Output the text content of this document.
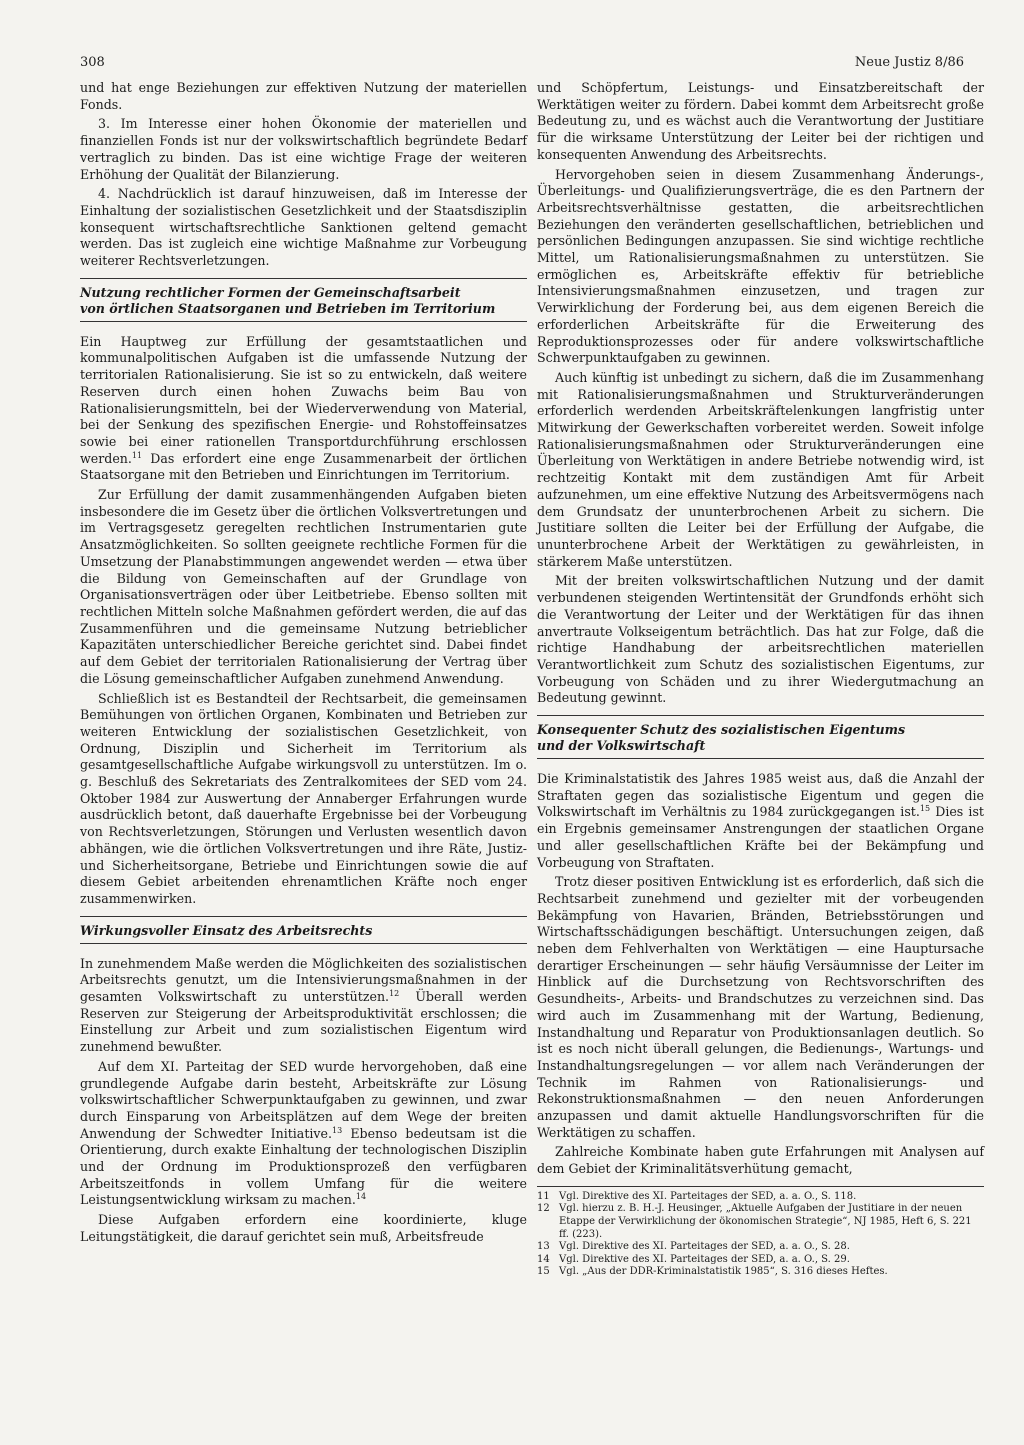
308	Neue Justiz 8/86

und hat enge Beziehungen zur effektiven Nutzung der materiellen Fonds.

3. Im Interesse einer hohen Ökonomie der materiellen und finanziellen Fonds ist nur der volkswirtschaftlich begründete Bedarf vertraglich zu binden. Das ist eine wichtige Frage der weiteren Erhöhung der Qualität der Bilanzierung.

4. Nachdrücklich ist darauf hinzuweisen, daß im Interesse der Einhaltung der sozialistischen Gesetzlichkeit und der Staatsdisziplin konsequent wirtschaftsrechtliche Sanktionen geltend gemacht werden. Das ist zugleich eine wichtige Maßnahme zur Vorbeugung weiterer Rechtsverletzungen.

Nutzung rechtlicher Formen der Gemeinschaftsarbeit
von örtlichen Staatsorganen und Betrieben im Territorium

Ein Hauptweg zur Erfüllung der gesamtstaatlichen und kommunalpolitischen Aufgaben ist die umfassende Nutzung der territorialen Rationalisierung. Sie ist so zu entwickeln, daß weitere Reserven durch einen hohen Zuwachs beim Bau von Rationalisierungsmitteln, bei der Wiederverwendung von Material, bei der Senkung des spezifischen Energie- und Rohstoffeinsatzes sowie bei einer rationellen Transportdurchführung erschlossen werden.$^{11}$ Das erfordert eine enge Zusammenarbeit der örtlichen Staatsorgane mit den Betrieben und Einrichtungen im Territorium.

Zur Erfüllung der damit zusammenhängenden Aufgaben bieten insbesondere die im Gesetz über die örtlichen Volksvertretungen und im Vertragsgesetz geregelten rechtlichen Instrumentarien gute Ansatzmöglichkeiten. So sollten geeignete rechtliche Formen für die Umsetzung der Planabstimmungen angewendet werden — etwa über die Bildung von Gemeinschaften auf der Grundlage von Organisationsverträgen oder über Leitbetriebe. Ebenso sollten mit rechtlichen Mitteln solche Maßnahmen gefördert werden, die auf das Zusammenführen und die gemeinsame Nutzung betrieblicher Kapazitäten unterschiedlicher Bereiche gerichtet sind. Dabei findet auf dem Gebiet der territorialen Rationalisierung der Vertrag über die Lösung gemeinschaftlicher Aufgaben zunehmend Anwendung.

Schließlich ist es Bestandteil der Rechtsarbeit, die gemeinsamen Bemühungen von örtlichen Organen, Kombinaten und Betrieben zur weiteren Entwicklung der sozialistischen Gesetzlichkeit, von Ordnung, Disziplin und Sicherheit im Territorium als gesamtgesellschaftliche Aufgabe wirkungsvoll zu unterstützen. Im o. g. Beschluß des Sekretariats des Zentralkomitees der SED vom 24. Oktober 1984 zur Auswertung der Annaberger Erfahrungen wurde ausdrücklich betont, daß dauerhafte Ergebnisse bei der Vorbeugung von Rechtsverletzungen, Störungen und Verlusten wesentlich davon abhängen, wie die örtlichen Volksvertretungen und ihre Räte, Justiz- und Sicherheitsorgane, Betriebe und Einrichtungen sowie die auf diesem Gebiet arbeitenden ehrenamtlichen Kräfte noch enger zusammenwirken.

Wirkungsvoller Einsatz des Arbeitsrechts

In zunehmendem Maße werden die Möglichkeiten des sozialistischen Arbeitsrechts genutzt, um die Intensivierungsmaßnahmen in der gesamten Volkswirtschaft zu unterstützen.$^{12}$ Überall werden Reserven zur Steigerung der Arbeitsproduktivität erschlossen; die Einstellung zur Arbeit und zum sozialistischen Eigentum wird zunehmend bewußter.

Auf dem XI. Parteitag der SED wurde hervorgehoben, daß eine grundlegende Aufgabe darin besteht, Arbeitskräfte zur Lösung volkswirtschaftlicher Schwerpunktaufgaben zu gewinnen, und zwar durch Einsparung von Arbeitsplätzen auf dem Wege der breiten Anwendung der Schwedter Initiative.$^{13}$ Ebenso bedeutsam ist die Orientierung, durch exakte Einhaltung der technologischen Disziplin und der Ordnung im Produktionsprozeß den verfügbaren Arbeitszeitfonds in vollem Umfang für die weitere Leistungsentwicklung wirksam zu machen.$^{14}$

Diese Aufgaben erfordern eine koordinierte, kluge Leitungstätigkeit, die darauf gerichtet sein muß, Arbeitsfreude

und Schöpfertum, Leistungs- und Einsatzbereitschaft der Werktätigen weiter zu fördern. Dabei kommt dem Arbeitsrecht große Bedeutung zu, und es wächst auch die Verantwortung der Justitiare für die wirksame Unterstützung der Leiter bei der richtigen und konsequenten Anwendung des Arbeitsrechts.

Hervorgehoben seien in diesem Zusammenhang Änderungs-, Überleitungs- und Qualifizierungsverträge, die es den Partnern der Arbeitsrechtsverhältnisse gestatten, die arbeitsrechtlichen Beziehungen den veränderten gesellschaftlichen, betrieblichen und persönlichen Bedingungen anzupassen. Sie sind wichtige rechtliche Mittel, um Rationalisierungsmaßnahmen zu unterstützen. Sie ermöglichen es, Arbeitskräfte effektiv für betriebliche Intensivierungsmaßnahmen einzusetzen, und tragen zur Verwirklichung der Forderung bei, aus dem eigenen Bereich die erforderlichen Arbeitskräfte für die Erweiterung des Reproduktionsprozesses oder für andere volkswirtschaftliche Schwerpunktaufgaben zu gewinnen.

Auch künftig ist unbedingt zu sichern, daß die im Zusammenhang mit Rationalisierungsmaßnahmen und Strukturveränderungen erforderlich werdenden Arbeitskräftelenkungen langfristig unter Mitwirkung der Gewerkschaften vorbereitet werden. Soweit infolge Rationalisierungsmaßnahmen oder Strukturveränderungen eine Überleitung von Werktätigen in andere Betriebe notwendig wird, ist rechtzeitig Kontakt mit dem zuständigen Amt für Arbeit aufzunehmen, um eine effektive Nutzung des Arbeitsvermögens nach dem Grundsatz der ununterbrochenen Arbeit zu sichern. Die Justitiare sollten die Leiter bei der Erfüllung der Aufgabe, die ununterbrochene Arbeit der Werktätigen zu gewährleisten, in stärkerem Maße unterstützen.

Mit der breiten volkswirtschaftlichen Nutzung und der damit verbundenen steigenden Wertintensität der Grundfonds erhöht sich die Verantwortung der Leiter und der Werktätigen für das ihnen anvertraute Volkseigentum beträchtlich. Das hat zur Folge, daß die richtige Handhabung der arbeitsrechtlichen materiellen Verantwortlichkeit zum Schutz des sozialistischen Eigentums, zur Vorbeugung von Schäden und zu ihrer Wiedergutmachung an Bedeutung gewinnt.

Konsequenter Schutz des sozialistischen Eigentums
und der Volkswirtschaft

Die Kriminalstatistik des Jahres 1985 weist aus, daß die Anzahl der Straftaten gegen das sozialistische Eigentum und gegen die Volkswirtschaft im Verhältnis zu 1984 zurückgegangen ist.$^{15}$ Dies ist ein Ergebnis gemeinsamer Anstrengungen der staatlichen Organe und aller gesellschaftlichen Kräfte bei der Bekämpfung und Vorbeugung von Straftaten.

Trotz dieser positiven Entwicklung ist es erforderlich, daß sich die Rechtsarbeit zunehmend und gezielter mit der vorbeugenden Bekämpfung von Havarien, Bränden, Betriebsstörungen und Wirtschaftsschädigungen beschäftigt. Untersuchungen zeigen, daß neben dem Fehlverhalten von Werktätigen — eine Hauptursache derartiger Erscheinungen — sehr häufig Versäumnisse der Leiter im Hinblick auf die Durchsetzung von Rechtsvorschriften des Gesundheits-, Arbeits- und Brandschutzes zu verzeichnen sind. Das wird auch im Zusammenhang mit der Wartung, Bedienung, Instandhaltung und Reparatur von Produktionsanlagen deutlich. So ist es noch nicht überall gelungen, die Bedienungs-, Wartungs- und Instandhaltungsregelungen — vor allem nach Veränderungen der Technik im Rahmen von Rationalisierungs- und Rekonstruktionsmaßnahmen — den neuen Anforderungen anzupassen und damit aktuelle Handlungsvorschriften für die Werktätigen zu schaffen.

Zahlreiche Kombinate haben gute Erfahrungen mit Analysen auf dem Gebiet der Kriminalitätsverhütung gemacht,

11 Vgl. Direktive des XI. Parteitages der SED, a. a. O., S. 118.
12 Vgl. hierzu z. B. H.-J. Heusinger, „Aktuelle Aufgaben der Justitiare in der neuen Etappe der Verwirklichung der ökonomischen Strategie“, NJ 1985, Heft 6, S. 221 ff. (223).
13 Vgl. Direktive des XI. Parteitages der SED, a. a. O., S. 28.
14 Vgl. Direktive des XI. Parteitages der SED, a. a. O., S. 29.
15 Vgl. „Aus der DDR-Kriminalstatistik 1985“, S. 316 dieses Heftes.
